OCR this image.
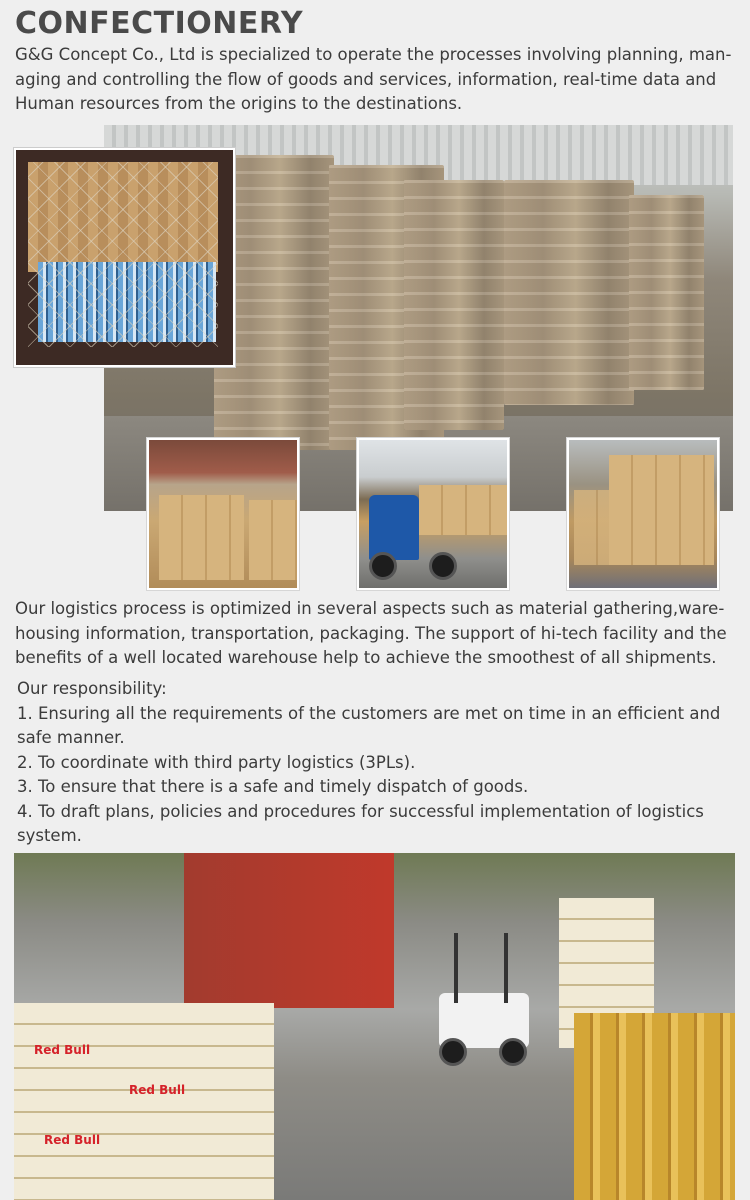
CONFECTIONERY
G&G Concept Co., Ltd is specialized to operate the processes involving planning, man-
aging and controlling the flow of goods and services, information, real-time data and
Human resources from the origins to the destinations.
Our logistics process is optimized in several aspects such as material gathering,ware-
housing information, transportation, packaging. The support of hi-tech facility and the
benefits of a well located warehouse help to achieve the smoothest of all shipments.
Our responsibility:
1. Ensuring all the requirements of the customers are met on time in an efficient and
safe manner.
2. To coordinate with third party logistics (3PLs).
3. To ensure that there is a safe and timely dispatch of goods.
4. To draft plans, policies and procedures for successful implementation of logistics
system.
Red Bull
Red Bull
Red Bull
